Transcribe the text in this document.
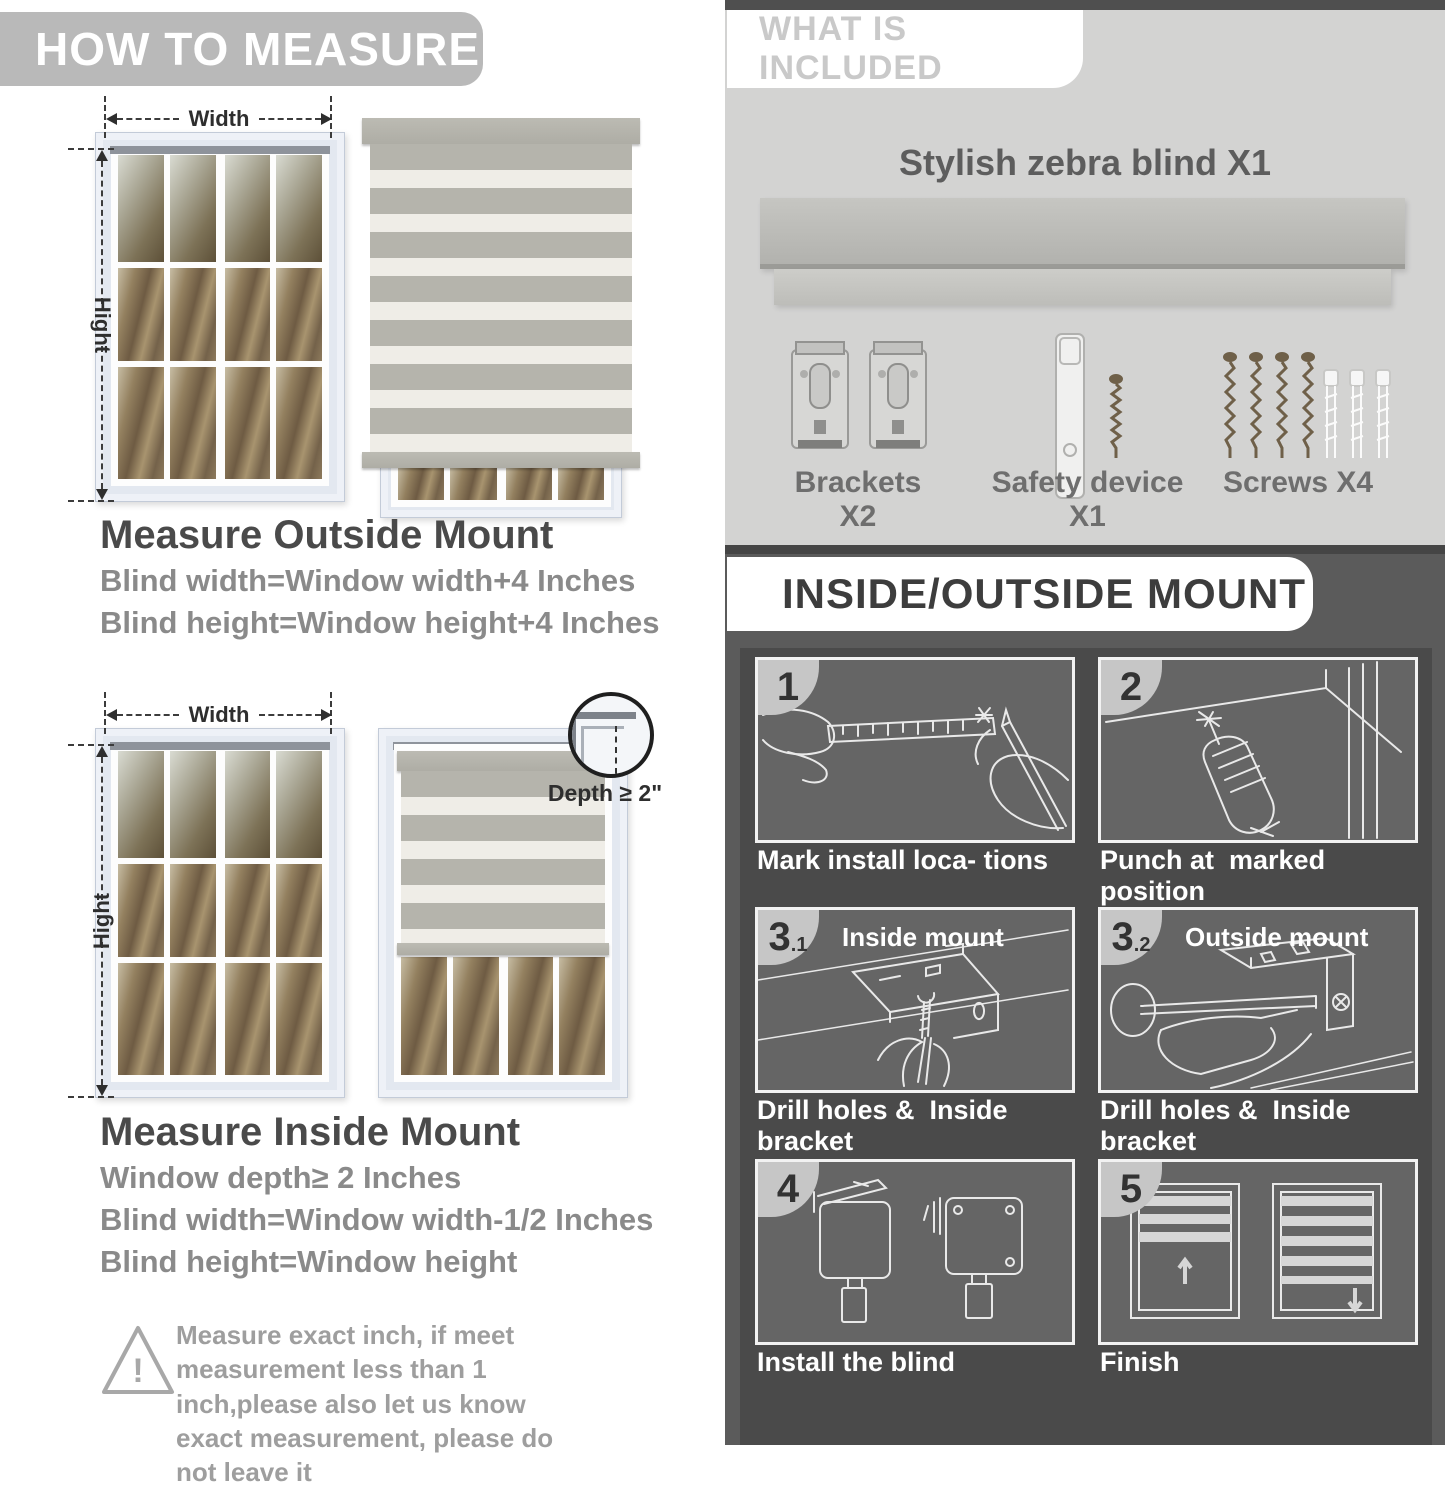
HOW TO MEASURE
Width
Hight
Measure Outside Mount
Blind width=Window width+4 Inches
Blind height=Window height+4 Inches
Width
Hight
Depth ≥ 2"
Measure Inside Mount
Window depth≥ 2 Inches
Blind width=Window width-1/2 Inches
Blind height=Window height
!
Measure exact inch, if meet measurement less than 1 inch,please also let us know exact measurement, please do not leave it
WHAT IS INCLUDED
Stylish zebra blind X1
Brackets X2
Safety device X1
Screws X4
INSIDE/OUTSIDE MOUNT
1
Mark install loca- tions
2
Punch at  marked position
3 .1 Inside mount
Drill holes &  Inside bracket
3 .2 Outside mount
Drill holes &  Inside bracket
4
Install the blind
5
Finish
